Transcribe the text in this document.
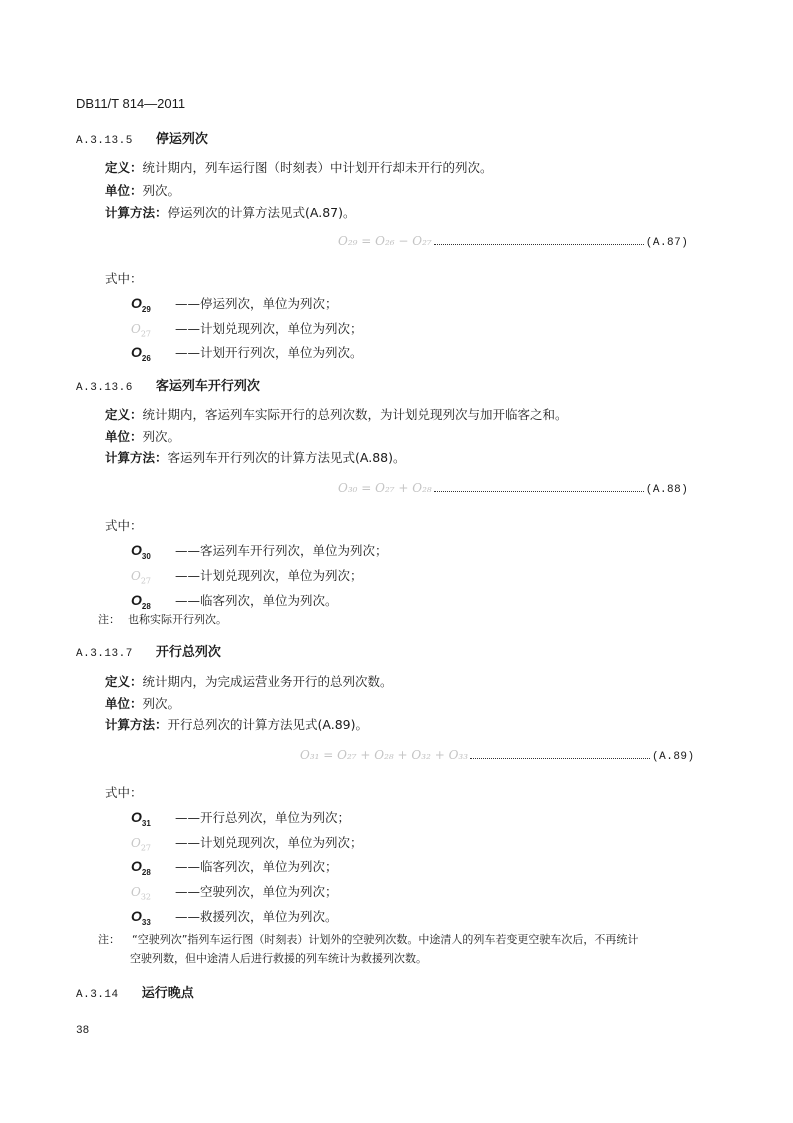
DB11/T 814—2011
A.3.13.5 停运列次
定义：统计期内，列车运行图（时刻表）中计划开行却未开行的列次。
单位：列次。
计算方法：停运列次的计算方法见式(A.87)。
O₂₉ = O₂₆ − O₂₇	(A.87)
式中：
$O_{29}$ ——停运列次，单位为列次；
$O_{27}$ ——计划兑现列次，单位为列次；
$O_{26}$ ——计划开行列次，单位为列次。
A.3.13.6 客运列车开行列次
定义：统计期内，客运列车实际开行的总列次数，为计划兑现列次与加开临客之和。
单位：列次。
计算方法：客运列车开行列次的计算方法见式(A.88)。
O₃₀ = O₂₇ + O₂₈	(A.88)
式中：
$O_{30}$ ——客运列车开行列次，单位为列次；
$O_{27}$ ——计划兑现列次，单位为列次；
$O_{28}$ ——临客列次，单位为列次。
注： 也称实际开行列次。
A.3.13.7 开行总列次
定义：统计期内，为完成运营业务开行的总列次数。
单位：列次。
计算方法：开行总列次的计算方法见式(A.89)。
O₃₁ = O₂₇ + O₂₈ + O₃₂ + O₃₃	(A.89)
式中：
$O_{31}$ ——开行总列次，单位为列次；
$O_{27}$ ——计划兑现列次，单位为列次；
$O_{28}$ ——临客列次，单位为列次；
$O_{32}$ ——空驶列次，单位为列次；
$O_{33}$ ——救援列次，单位为列次。
注： “空驶列次”指列车运行图（时刻表）计划外的空驶列次数。中途清人的列车若变更空驶车次后，不再统计
空驶列数，但中途清人后进行救援的列车统计为救援列次数。
A.3.14 运行晚点
38
